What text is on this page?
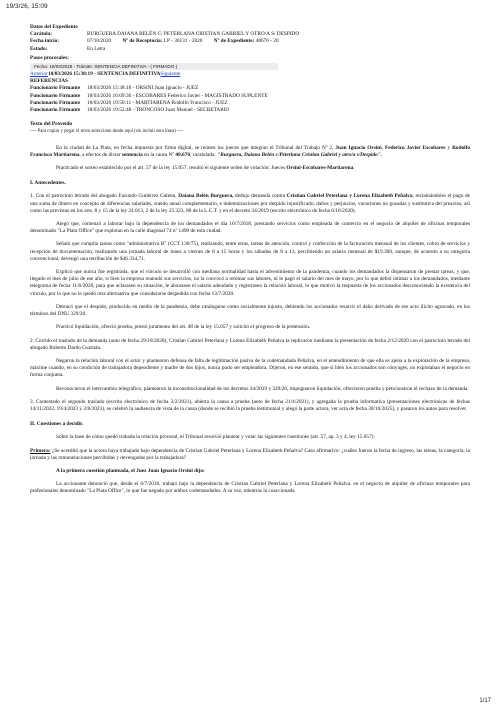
19/3/26, 15:09
Datos del Expediente
Carátula:	BURGUERA DAIANA BELÉN C/ PETERLANA CRISTIAN GABRIEL Y OTRO/A S/ DESPIDO
Fecha inicio:	07/10/2020 Nº de Receptoría: LP - 36131 - 2020 Nº de Expediente: 48676 - 20
Estado:	En Letra
Pasos procesales:
Fecha: 18/03/2026 - Trámite: SENTENCIA DEFINITIVA - ( FIRMADO )
Anterior18/03/2026 15:38:19 - SENTENCIA DEFINITIVASiguiente
REFERENCIAS
Funcionario Firmante 18/03/2026 15:38:18 - ORSINI Juan Ignacio - JUEZ
Funcionario Firmante 18/03/2026 16:09:36 - ESCOBARES Federico Javier - MAGISTRADO SUPLENTE
Funcionario Firmante 18/03/2026 19:50:11 - MARTIARENA Rodolfo Francisco - JUEZ
Funcionario Firmante 18/03/2026 19:52:48 - TRONCOSO Juan Manuel - SECRETARIO
Texto del Proveído
---- Para copiar y pegar el texto seleccione desde aquí (sin incluir esta línea) ----
En la ciudad de La Plata, en fecha impuesta por firma digital, se reúnen los jueces que integran el Tribunal del Trabajo Nº 2, Juan Ignacio Orsini, Federico Javier Escobares y Rodolfo Francisco Martiarena, a efectos de dictar sentencia en la causa Nº 48.676, caratulada: "Burguera, Daiana Belén c/Peterlana Cristian Gabriel y otro/a s/Despido".
Practicado el sorteo establecido por el art. 57 de la ley 15.057, resultó el siguiente orden de votación: Jueces Orsini-Escobares-Martiarena.
I. Antecedentes.
1. Con el patrocinio letrado del abogado Facundo Gutiérrez Galeno, Daiana Belén Burguera, dedujo demanda contra Cristian Gabriel Peterlana y Lorena Elizabeth Peñalva, reclamándoles el pago de una suma de dinero en concepto de diferencias salariales, sueldo anual complementario, e indemnizaciones por despido injustificado, daños y perjuicios, vacaciones no gozadas y sustitutiva del preaviso, así como las previstas en los arts. 8 y 15 de la ley 24.013, 2 de la ley 25.323, 80 de la L.C.T. y en el decreto 34/2019 (escrito electrónico de fecha 6/10/2020).
Alegó que, comenzó a laborar bajo la dependencia de los demandados el día 16/7/2018, prestando servicios como empleada de comercio en el negocio de alquiler de oficinas temporales denominado "La Plata Office" que explotan en la calle diagonal 74 nº 1490 de esta ciudad.
Señaló que cumplía tareas como "administrativa B" (CCT 130/75), realizando, entre otras, tareas de atención, control y confección de la facturación mensual de los clientes, cobro de servicios y recepción de documentación, realizando una jornada laboral de lunes a viernes de 8 a 15 horas y los sábados de 8 a 13, percibiendo un salario mensual de $19.300, aunque, de acuerdo a su categoría convencional, devengó una retribución de $46.334,71.
Explicó que nunca fue registrada, que el vínculo se desarrolló con mediana normalidad hasta el advenimiento de la pandemia, cuando los demandados la dispensaron de prestar tareas, y que, llegado el mes de julio de ese año, si bien la empresa reanudó sus servicios, no la convocó a retomar sus labores, ni le pagó el salario del mes de mayo, por lo que debió intimar a los demandados, mediante telegrama de fecha 11/6/2020, para que aclarasen su situación, le abonasen el salario adeudado y registrasen la relación laboral, lo que motivó la respuesta de los accionados desconociendo la existencia del vínculo, por lo que no le quedó otra alternativa que considerarse despedida con fecha 13/7/2020.
Destacó que el despido, producido en medio de la pandemia, debe catalogarse como socialmente injusto, debiendo los accionados resarcir el daño derivado de ese acto ilícito agravado, en los términos del DNU 329/20.
Practicó liquidación, ofreció prueba, prestó juramento del art. 48 de la ley 15.057 y solicitó el progreso de la pretensión.
2. Corrido el traslado de la demanda (auto de fecha 29/10/2020), Cristian Gabriel Peterlana y Lorena Elizabeth Peñalva la replicaron mediante la presentación de fecha 2/12/2020 con el patrocinio letrado del abogado Roberto Dardo Guzmán.
Negaron la relación laboral con el actor y plantearon defensa de falta de legitimación pasiva de la codemandada Peñalva, en el entendimiento de que ella es ajena a la explotación de la empresa, máxime cuando, en su condición de trabajadora dependiente y madre de dos hijos, nunca pudo ser empleadora. Dijeron, en ese sentido, que si bien los accionados son cónyuges, no explotaban el negocio en forma conjunta.
Reconocieron el intercambio telegráfico, plantearon la inconstitucionalidad de los decretos 34/2019 y 329/20, impugnaron liquidación, ofrecieron prueba y peticionaron el rechazo de la demanda.
3. Contestado el segundo traslado (escrito electrónico de fecha 3/2/2021), abierta la causa a prueba (auto de fecha 21/4/2021), y agregada la prueba informativa (presentaciones electrónicas de fechas 14/11/2022, 19/4/2023 y 2/8/2023), se celebró la audiencia de vista de la causa (donde se recibió la prueba testimonial y alegó la parte actora, ver acta de fecha 30/10/2025), y pasaron los autos para resolver.
II. Cuestiones a decidir.
Sobre la base de cómo quedó trabada la relación procesal, el Tribunal resolvió plantear y votar las siguientes cuestiones (art. 57, ap. 3 y 4, ley 15.057):
Primera: ¿Se acreditó que la actora haya trabajado bajo dependencia de Cristian Gabriel Peterlana y Lorena Elizabeth Peñalva? Caso afirmativo: ¿cuáles fueron la fecha de ingreso, las tareas, la categoría, la jornada y las remuneraciones percibidas y devengadas por la trabajadora?
A la primera cuestión planteada, el Juez Juan Ignacio Orsini dijo:
La accionante denunció que, desde el 6/7/2018, trabajó bajo la dependencia de Cristian Gabriel Peterlana y Lorena Elizabeth Peñalva, en el negocio de alquiler de oficinas temporales para profesionales denominado "La Plata Office", lo que fue negado por ambos codemandados. A su vez, mientras la coaccionada
1/17
